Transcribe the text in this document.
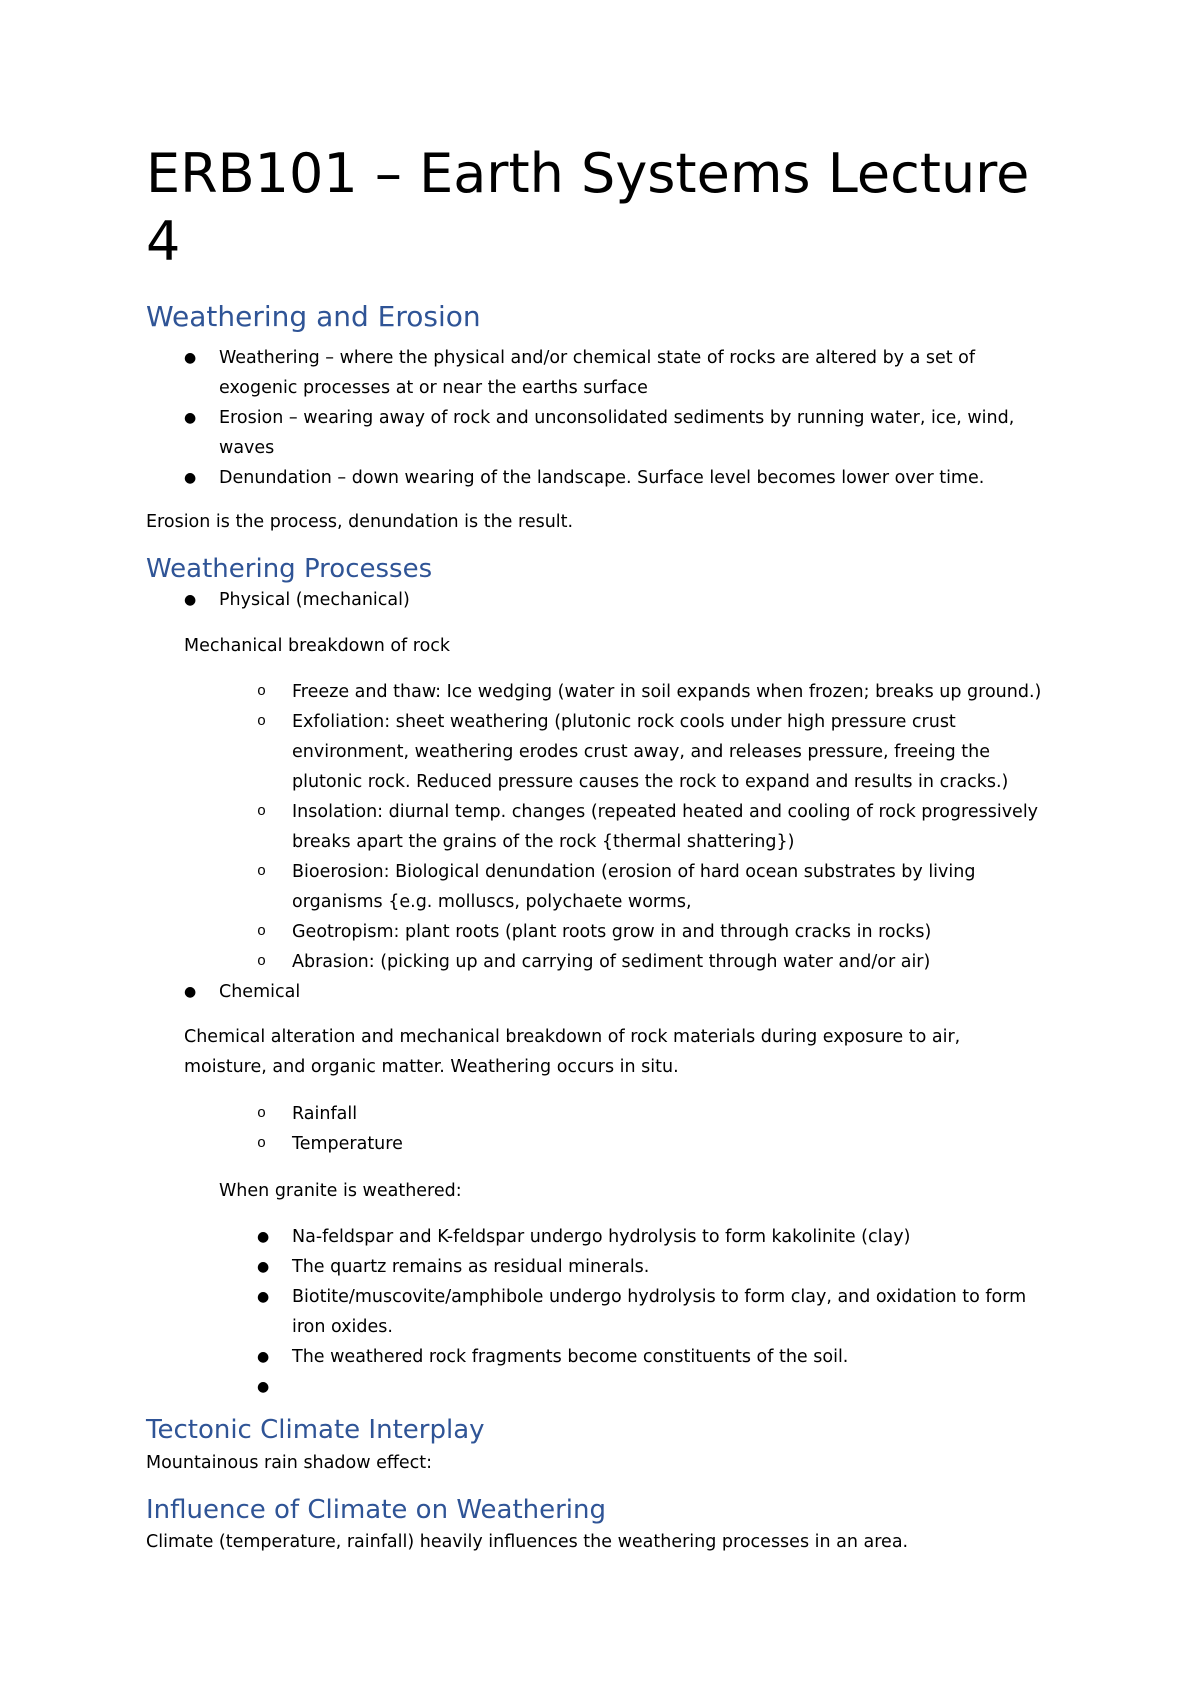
ERB101 – Earth Systems Lecture 4
Weathering and Erosion
● Weathering – where the physical and/or chemical state of rocks are altered by a set of

exogenic processes at or near the earths surface

● Erosion – wearing away of rock and unconsolidated sediments by running water, ice, wind,

waves

● Denundation – down wearing of the landscape. Surface level becomes lower over time.

Erosion is the process, denundation is the result.

Weathering Processes
● Physical (mechanical)

Mechanical breakdown of rock

o Freeze and thaw: Ice wedging (water in soil expands when frozen; breaks up ground.)

o Exfoliation: sheet weathering (plutonic rock cools under high pressure crust

environment, weathering erodes crust away, and releases pressure, freeing the

plutonic rock. Reduced pressure causes the rock to expand and results in cracks.)

o Insolation: diurnal temp. changes (repeated heated and cooling of rock progressively

breaks apart the grains of the rock {thermal shattering})

o Bioerosion: Biological denundation (erosion of hard ocean substrates by living

organisms {e.g. molluscs, polychaete worms,

o Geotropism: plant roots (plant roots grow in and through cracks in rocks)

o Abrasion: (picking up and carrying of sediment through water and/or air)

● Chemical

Chemical alteration and mechanical breakdown of rock materials during exposure to air,

moisture, and organic matter. Weathering occurs in situ.

o Rainfall

o Temperature

When granite is weathered:

● Na-feldspar and K-feldspar undergo hydrolysis to form kakolinite (clay)

● The quartz remains as residual minerals.

● Biotite/muscovite/amphibole undergo hydrolysis to form clay, and oxidation to form

iron oxides.

● The weathered rock fragments become constituents of the soil.

●
Tectonic Climate Interplay

Mountainous rain shadow effect:

Influence of Climate on Weathering

Climate (temperature, rainfall) heavily influences the weathering processes in an area.
